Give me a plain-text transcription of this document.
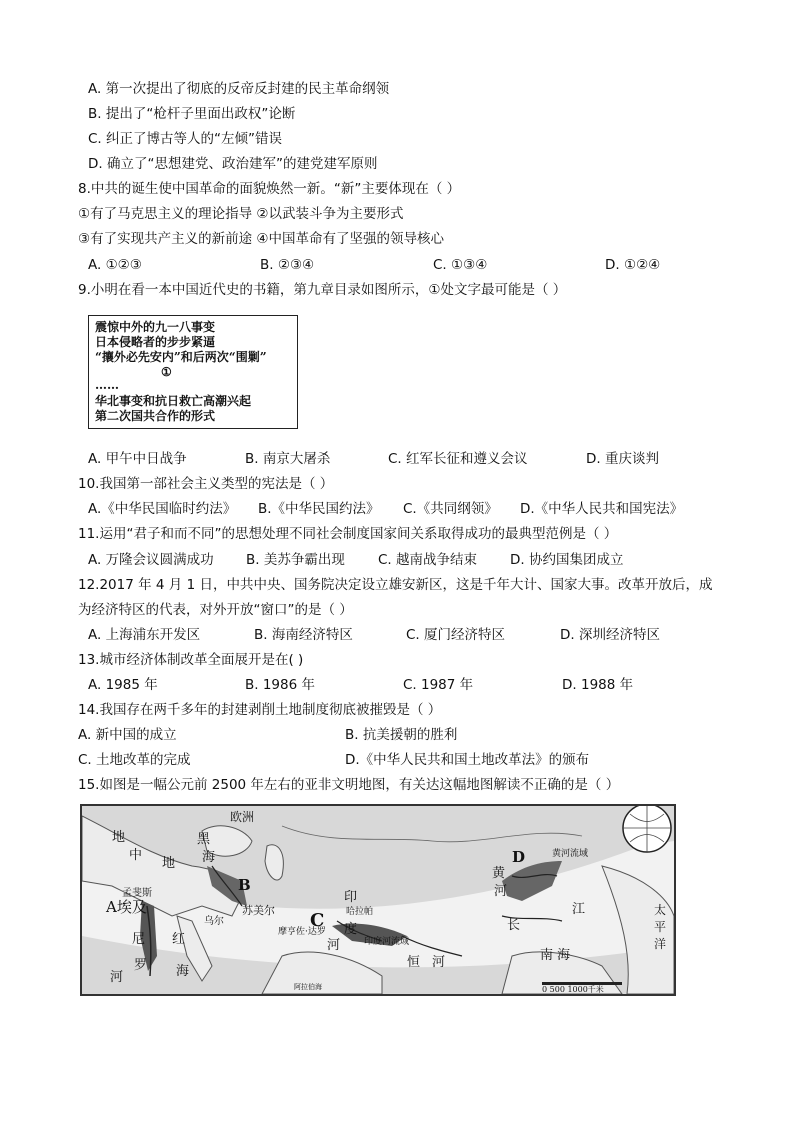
A. 第一次提出了彻底的反帝反封建的民主革命纲领
B. 提出了“枪杆子里面出政权”论断
C. 纠正了博古等人的“左倾”错误
D. 确立了“思想建党、政治建军”的建党建军原则
8.中共的诞生使中国革命的面貌焕然一新。“新”主要体现在（ ）
①有了马克思主义的理论指导 ②以武装斗争为主要形式
③有了实现共产主义的新前途 ④中国革命有了坚强的领导核心
A. ①②③	B. ②③④	C. ①③④	D. ①②④
9.小明在看一本中国近代史的书籍，第九章目录如图所示，①处文字最可能是（ ）
震惊中外的九一八事变
日本侵略者的步步紧逼
“攘外必先安内”和后两次“围剿”
①
……
华北事变和抗日救亡高潮兴起
第二次国共合作的形式
A. 甲午中日战争	B. 南京大屠杀	C. 红军长征和遵义会议	D. 重庆谈判
10.我国第一部社会主义类型的宪法是（ ）
A.《中华民国临时约法》 B.《中华民国约法》 C.《共同纲领》 D.《中华人民共和国宪法》
11.运用“君子和而不同”的思想处理不同社会制度国家间关系取得成功的最典型范例是（ ）
A. 万隆会议圆满成功 B. 美苏争霸出现 C. 越南战争结束 D. 协约国集团成立
12.2017 年 4 月 1 日，中共中央、国务院决定设立雄安新区，这是千年大计、国家大事。改革开放后，成
为经济特区的代表，对外开放“窗口”的是（ ）
A. 上海浦东开发区	B. 海南经济特区	C. 厦门经济特区	D. 深圳经济特区
13.城市经济体制改革全面展开是在( )
A. 1985 年	B. 1986 年	C. 1987 年	D. 1988 年
14.我国存在两千多年的封建剥削土地制度彻底被摧毁是（ ）
A. 新中国的成立	B. 抗美援朝的胜利
C. 土地改革的完成	D.《中华人民共和国土地改革法》的颁布
15.如图是一幅公元前 2500 年左右的亚非文明地图，有关达这幅地图解读不正确的是（ ）
欧洲
地	黑
海
中
地
孟斐斯
A埃及
B
苏美尔
乌尔	C
印
度
河
哈拉帕
摩亨佐·达罗
印度河流域
恒 河
D
黄
河
黄河流域
长
江
南 海
太
平
洋
尼
罗
河
红
海
阿拉伯海	0 500 1000千米
